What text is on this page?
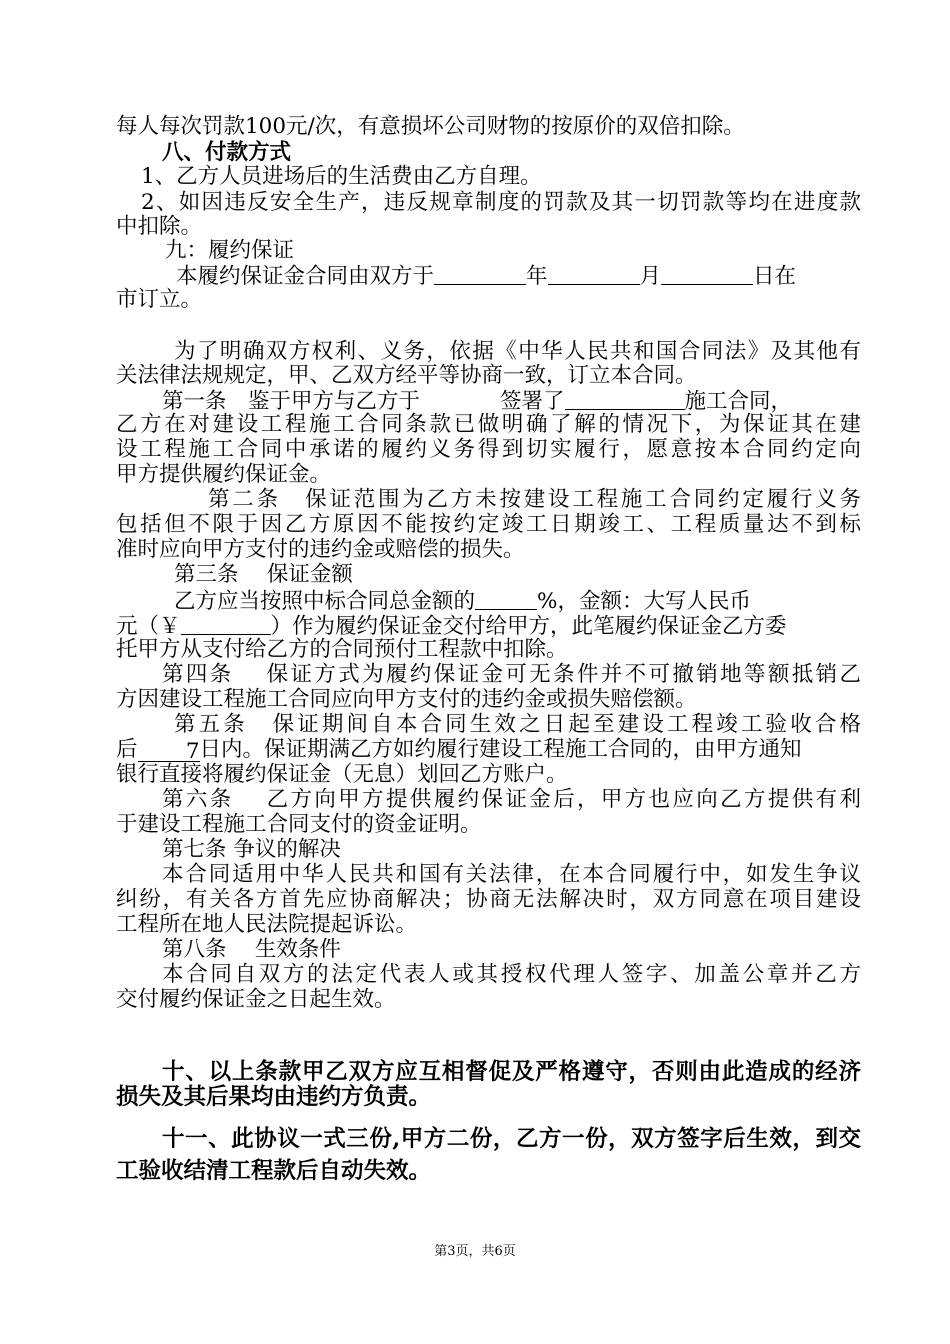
每人每次罚款100元/次，有意损坏公司财物的按原价的双倍扣除。
八、付款方式
1、乙方人员进场后的生活费由乙方自理。
2、如因违反安全生产，违反规章制度的罚款及其一切罚款等均在进度款
中扣除。
九：履约保证
本履约保证金合同由双方于	年	月	日在
市订立。
为了明确双方权利、义务，依据《中华人民共和国合同法》及其他有
关法律法规规定，甲、乙双方经平等协商一致，订立本合同。
第一条　鉴于甲方与乙方于	签署了	施工合同，
乙方在对建设工程施工合同条款已做明确了解的情况下，为保证其在建
设工程施工合同中承诺的履约义务得到切实履行，愿意按本合同约定向
甲方提供履约保证金。
第二条　保证范围为乙方未按建设工程施工合同约定履行义务
包括但不限于因乙方原因不能按约定竣工日期竣工、工程质量达不到标
准时应向甲方支付的违约金或赔偿的损失。
第三条　 保证金额
乙方应当按照中标合同总金额的	%，金额：大写人民币
元（￥	）作为履约保证金交付给甲方，此笔履约保证金乙方委
托甲方从支付给乙方的合同预付工程款中扣除。
第四条　 保证方式为履约保证金可无条件并不可撤销地等额抵销乙
方因建设工程施工合同应向甲方支付的违约金或损失赔偿额。
第五条　保证期间自本合同生效之日起至建设工程竣工验收合格
后 7日内。保证期满乙方如约履行建设工程施工合同的，由甲方通知
银行直接将履约保证金（无息）划回乙方账户。
第六条　 乙方向甲方提供履约保证金后，甲方也应向乙方提供有利
于建设工程施工合同支付的资金证明。
第七条 争议的解决
本合同适用中华人民共和国有关法律，在本合同履行中，如发生争议
纠纷，有关各方首先应协商解决；协商无法解决时，双方同意在项目建设
工程所在地人民法院提起诉讼。
第八条　 生效条件
本合同自双方的法定代表人或其授权代理人签字、加盖公章并乙方
交付履约保证金之日起生效。
十、以上条款甲乙双方应互相督促及严格遵守，否则由此造成的经济
损失及其后果均由违约方负责。
十一、此协议一式三份,甲方二份，乙方一份，双方签字后生效，到交
工验收结清工程款后自动失效。
第3页，共6页
